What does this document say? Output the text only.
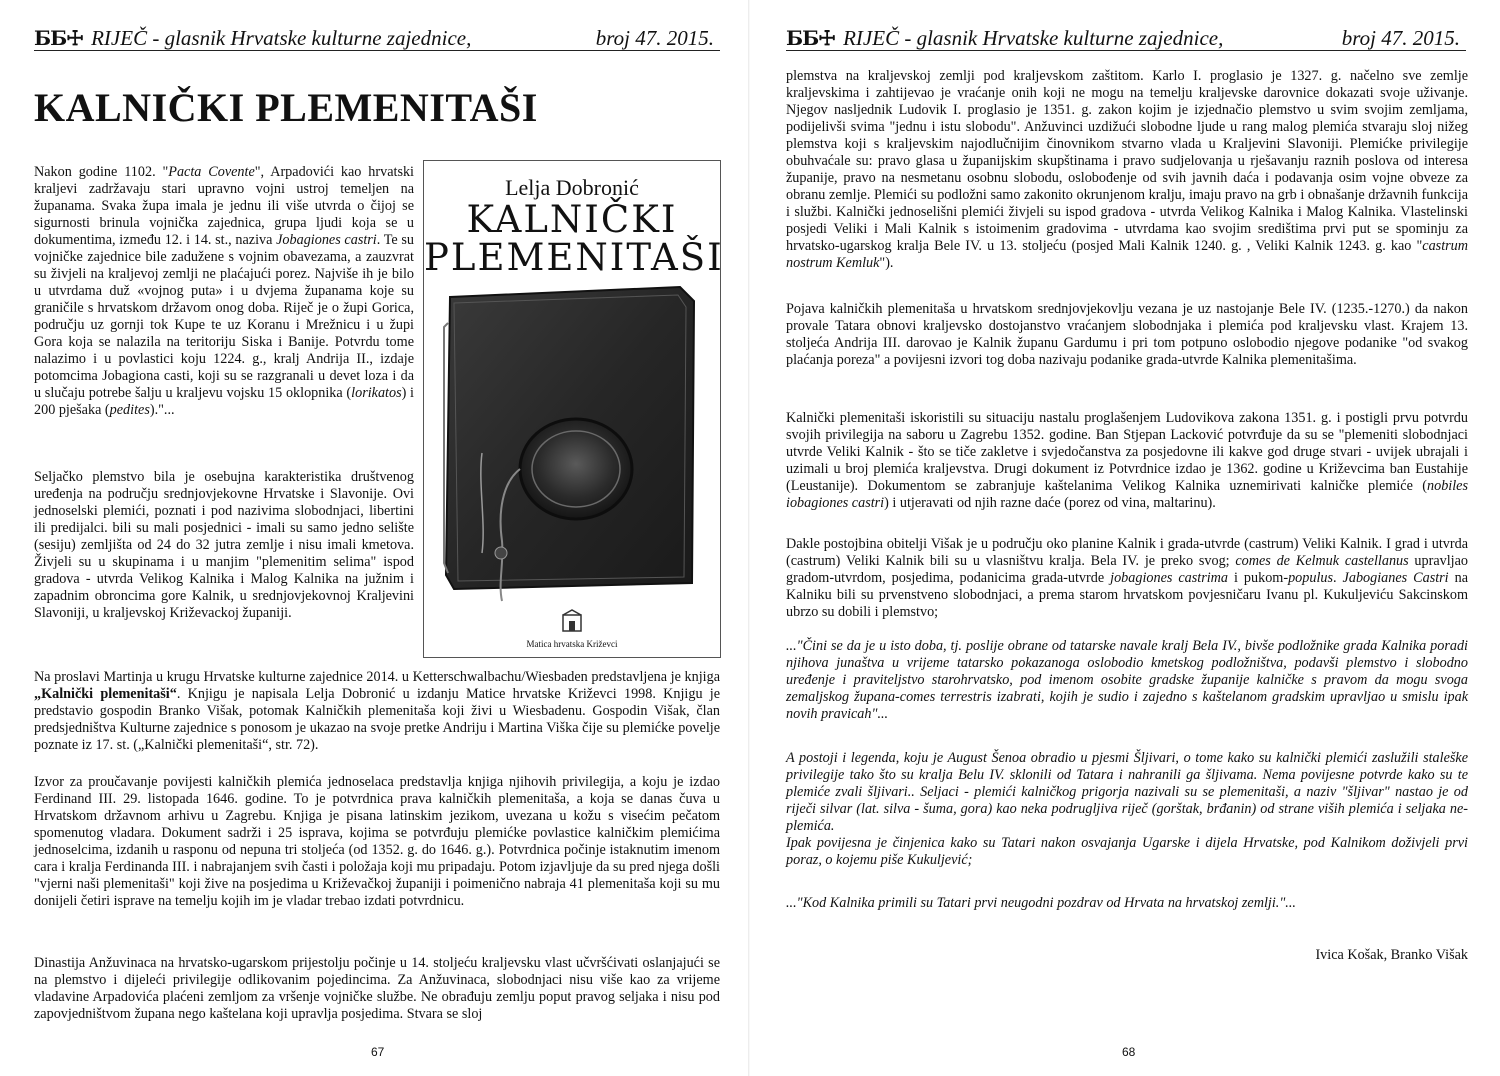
ББ☩ RIJEČ - glasnik Hrvatske kulturne zajednice,	broj 47. 2015.
KALNIČKI PLEMENITAŠI

Nakon godine 1102. "Pacta Covente", Arpadovići kao hrvatski kraljevi zadržavaju stari upravno vojni ustroj temeljen na županama. Svaka župa imala je jednu ili više utvrda o čijoj se sigurnosti brinula vojnička zajednica, grupa ljudi koja se u dokumentima, između 12. i 14. st., naziva Jobagiones castri. Te su vojničke zajednice bile zadužene s vojnim obavezama, a zauzvrat su živjeli na kraljevoj zemlji ne plaćajući porez. Najviše ih je bilo u utvrdama duž «vojnog puta» i u dvjema županama koje su graničile s hrvatskom državom onog doba. Riječ je o župi Gorica, području uz gornji tok Kupe te uz Koranu i Mrežnicu i u župi Gora koja se nalazila na teritoriju Siska i Banije. Potvrdu tome nalazimo i u povlastici koju 1224. g., kralj Andrija II., izdaje potomcima Jobagiona casti, koji su se razgranali u devet loza i da u slučaju potrebe šalju u kraljevu vojsku 15 oklopnika (lorikatos) i 200 pješaka (pedites)."...

Seljačko plemstvo bila je osebujna karakteristika društvenog uređenja na području srednjovjekovne Hrvatske i Slavonije. Ovi jednoselski plemići, poznati i pod nazivima slobodnjaci, libertini ili predijalci. bili su mali posjednici - imali su samo jedno selište (sesiju) zemljišta od 24 do 32 jutra zemlje i nisu imali kmetova. Živjeli su u skupinama i u manjim "plemenitim selima" ispod gradova - utvrda Velikog Kalnika i Malog Kalnika na južnim i zapadnim obroncima gore Kalnik, u srednjovjekovnoj Kraljevini Slavoniji, u kraljevskoj Križevackoj županiji.

Lelja Dobronić
KALNIČKI
PLEMENITAŠI
Matica hrvatska Križevci

Na proslavi Martinja u krugu Hrvatske kulturne zajednice 2014. u Ketterschwalbachu/Wiesbaden predstavljena je knjiga „Kalnički plemenitaši“. Knjigu je napisala Lelja Dobronić u izdanju Matice hrvatske Križevci 1998. Knjigu je predstavio gospodin Branko Višak, potomak Kalničkih plemenitaša koji živi u Wiesbadenu. Gospodin Višak, član predsjedništva Kulturne zajednice s ponosom je ukazao na svoje pretke Andriju i Martina Viška čije su plemićke povelje poznate iz 17. st. („Kalnički plemenitaši“, str. 72).

Izvor za proučavanje povijesti kalničkih plemića jednoselaca predstavlja knjiga njihovih privilegija, a koju je izdao Ferdinand III. 29. listopada 1646. godine. To je potvrdnica prava kalničkih plemenitaša, a koja se danas čuva u Hrvatskom državnom arhivu u Zagrebu. Knjiga je pisana latinskim jezikom, uvezana u kožu s visećim pečatom spomenutog vladara. Dokument sadrži i 25 isprava, kojima se potvrđuju plemićke povlastice kalničkim plemićima jednoselcima, izdanih u rasponu od nepuna tri stoljeća (od 1352. g. do 1646. g.). Potvrdnica počinje istaknutim imenom cara i kralja Ferdinanda III. i nabrajanjem svih časti i položaja koji mu pripadaju. Potom izjavljuje da su pred njega došli "vjerni naši plemenitaši" koji žive na posjedima u Križevačkoj županiji i poimenično nabraja 41 plemenitaša koji su mu donijeli četiri isprave na temelju kojih im je vladar trebao izdati potvrdnicu.

Dinastija Anžuvinaca na hrvatsko-ugarskom prijestolju počinje u 14. stoljeću kraljevsku vlast učvršćivati oslanjajući se na plemstvo i dijeleći privilegije odlikovanim pojedincima. Za Anžuvinaca, slobodnjaci nisu više kao za vrijeme vladavine Arpadovića plaćeni zemljom za vršenje vojničke službe. Ne obrađuju zemlju poput pravog seljaka i nisu pod zapovjedništvom župana nego kaštelana koji upravlja posjedima. Stvara se sloj

67
ББ☩ RIJEČ - glasnik Hrvatske kulturne zajednice,	broj 47. 2015.

plemstva na kraljevskoj zemlji pod kraljevskom zaštitom. Karlo I. proglasio je 1327. g. načelno sve zemlje kraljevskima i zahtijevao je vraćanje onih koji ne mogu na temelju kraljevske darovnice dokazati svoje uživanje. Njegov nasljednik Ludovik I. proglasio je 1351. g. zakon kojim je izjednačio plemstvo u svim svojim zemljama, podijelivši svima "jednu i istu slobodu". Anžuvinci uzdižući slobodne ljude u rang malog plemića stvaraju sloj nižeg plemstva koji s kraljevskim najodlučnijim činovnikom stvarno vlada u Kraljevini Slavoniji. Plemićke privilegije obuhvaćale su: pravo glasa u županijskim skupštinama i pravo sudjelovanja u rješavanju raznih poslova od interesa županije, pravo na nesmetanu osobnu slobodu, oslobođenje od svih javnih daća i podavanja osim vojne obveze za obranu zemlje. Plemići su podložni samo zakonito okrunjenom kralju, imaju pravo na grb i obnašanje državnih funkcija i službi. Kalnički jednoselišni plemići živjeli su ispod gradova - utvrda Velikog Kalnika i Malog Kalnika. Vlastelinski posjedi Veliki i Mali Kalnik s istoimenim gradovima - utvrdama kao svojim središtima prvi put se spominju za hrvatsko-ugarskog kralja Bele IV. u 13. stoljeću (posjed Mali Kalnik 1240. g. , Veliki Kalnik 1243. g. kao "castrum nostrum Kemluk").

Pojava kalničkih plemenitaša u hrvatskom srednjovjekovlju vezana je uz nastojanje Bele IV. (1235.-1270.) da nakon provale Tatara obnovi kraljevsko dostojanstvo vraćanjem slobodnjaka i plemića pod kraljevsku vlast. Krajem 13. stoljeća Andrija III. darovao je Kalnik županu Gardumu i pri tom potpuno oslobodio njegove podanike "od svakog plaćanja poreza" a povijesni izvori tog doba nazivaju podanike grada-utvrde Kalnika plemenitašima.

Kalnički plemenitaši iskoristili su situaciju nastalu proglašenjem Ludovikova zakona 1351. g. i postigli prvu potvrdu svojih privilegija na saboru u Zagrebu 1352. godine. Ban Stjepan Lacković potvrđuje da su se "plemeniti slobodnjaci utvrde Veliki Kalnik - što se tiče zakletve i svjedočanstva za posjedovne ili kakve god druge stvari - uvijek ubrajali i uzimali u broj plemića kraljevstva. Drugi dokument iz Potvrdnice izdao je 1362. godine u Križevcima ban Eustahije (Leustanije). Dokumentom se zabranjuje kaštelanima Velikog Kalnika uznemirivati kalničke plemiće (nobiles iobagiones castri) i utjeravati od njih razne daće (porez od vina, maltarinu).

Dakle postojbina obitelji Višak je u području oko planine Kalnik i grada-utvrde (castrum) Veliki Kalnik. I grad i utvrda (castrum) Veliki Kalnik bili su u vlasništvu kralja. Bela IV. je preko svog; comes de Kelmuk castellanus upravljao gradom-utvrdom, posjedima, podanicima grada-utvrde jobagiones castrima i pukom-populus. Jabogianes Castri na Kalniku bili su prvenstveno slobodnjaci, a prema starom hrvatskom povjesničaru Ivanu pl. Kukuljeviću Sakcinskom ubrzo su dobili i plemstvo;

..."Čini se da je u isto doba, tj. poslije obrane od tatarske navale kralj Bela IV., bivše podložnike grada Kalnika poradi njihova junaštva u vrijeme tatarsko pokazanoga oslobodio kmetskog podložništva, podavši plemstvo i slobodno uređenje i praviteljstvo starohrvatsko, pod imenom osobite gradske županije kalničke s pravom da mogu svoga zemaljskog župana-comes terrestris izabrati, kojih je sudio i zajedno s kaštelanom gradskim upravljao u smislu ipak novih pravicah"...

A postoji i legenda, koju je August Šenoa obradio u pjesmi Šljivari, o tome kako su kalnički plemići zaslužili staleške privilegije tako što su kralja Belu IV. sklonili od Tatara i nahranili ga šljivama. Nema povijesne potvrde kako su te plemiće zvali šljivari.. Seljaci - plemići kalničkog prigorja nazivali su se plemenitaši, a naziv "šljivar" nastao je od riječi silvar (lat. silva - šuma, gora) kao neka podrugljiva riječ (gorštak, brđanin) od strane viših plemića i seljaka ne-plemića.
Ipak povijesna je činjenica kako su Tatari nakon osvajanja Ugarske i dijela Hrvatske, pod Kalnikom doživjeli prvi poraz, o kojemu piše Kukuljević;

..."Kod Kalnika primili su Tatari prvi neugodni pozdrav od Hrvata na hrvatskoj zemlji."...

Ivica Košak, Branko Višak
68
